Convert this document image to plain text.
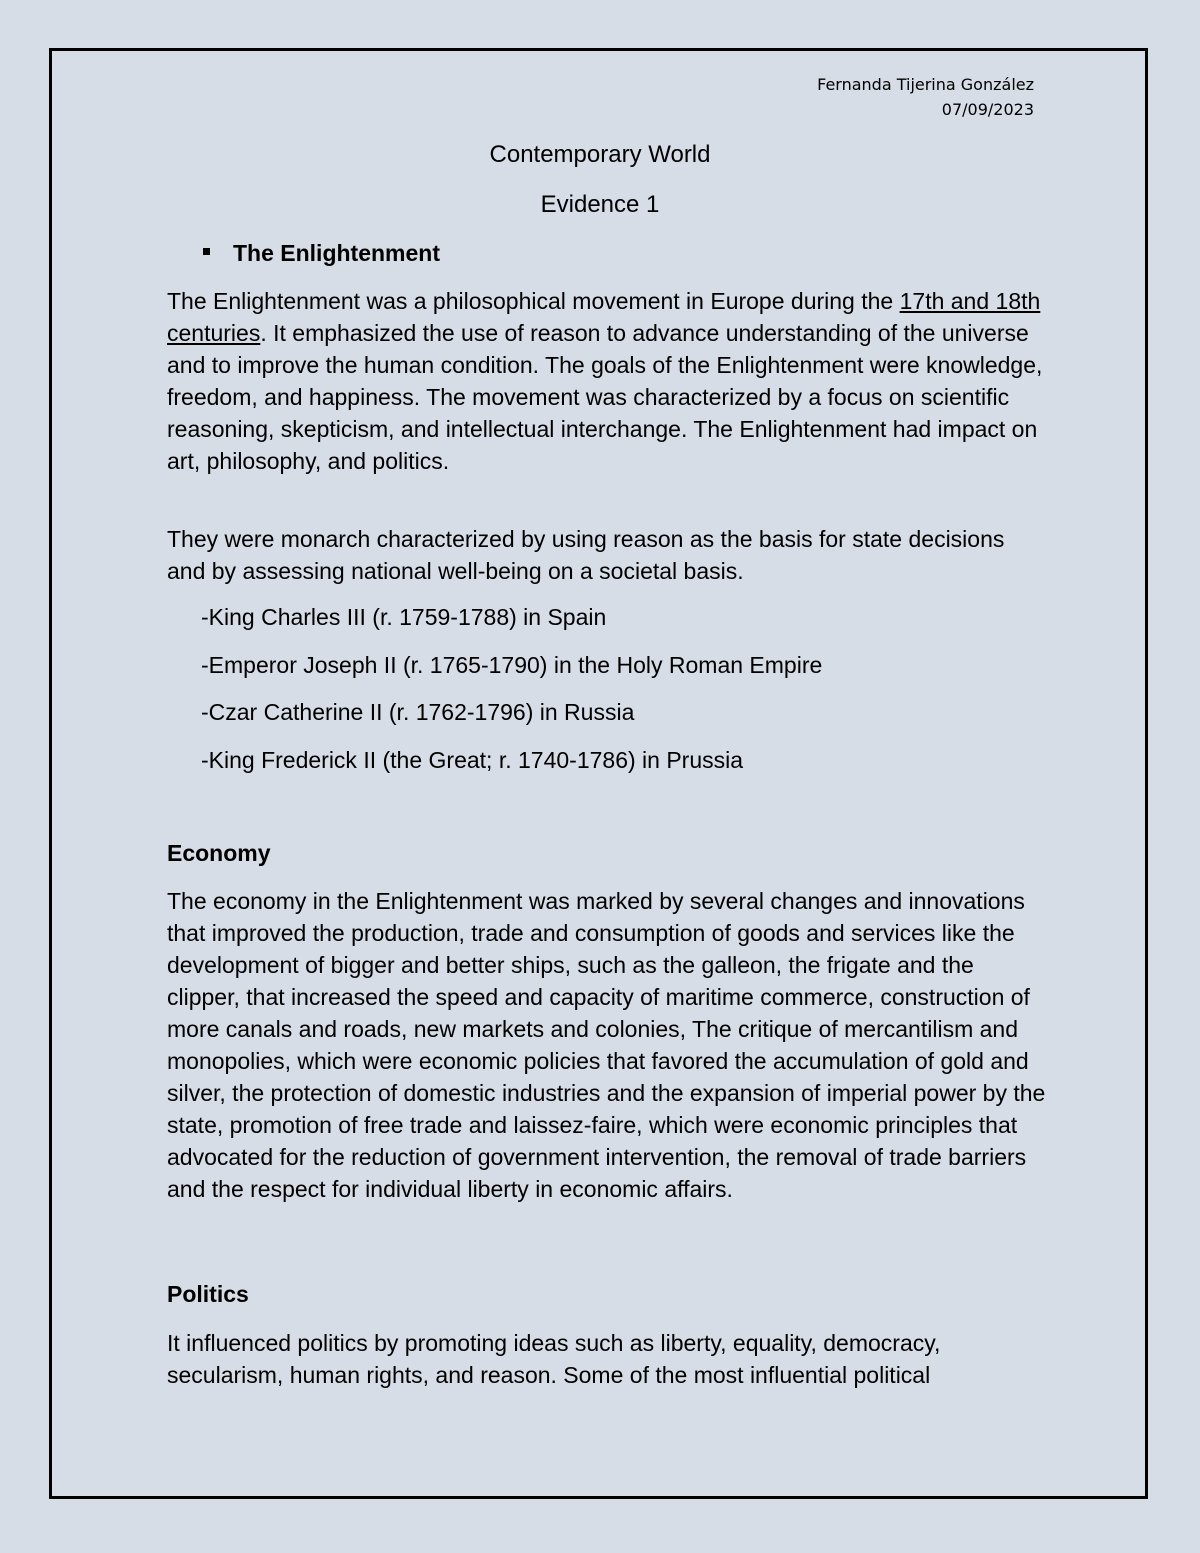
Fernanda Tijerina González
07/09/2023
Contemporary World
Evidence 1
The Enlightenment

The Enlightenment was a philosophical movement in Europe during the 17th and 18th centuries. It emphasized the use of reason to advance understanding of the universe and to improve the human condition. The goals of the Enlightenment were knowledge, freedom, and happiness. The movement was characterized by a focus on scientific reasoning, skepticism, and intellectual interchange. The Enlightenment had impact on art, philosophy, and politics.

They were monarch characterized by using reason as the basis for state decisions and by assessing national well-being on a societal basis.

-King Charles III (r. 1759-1788) in Spain
-Emperor Joseph II (r. 1765-1790) in the Holy Roman Empire
-Czar Catherine II (r. 1762-1796) in Russia
-King Frederick II (the Great; r. 1740-1786) in Prussia
Economy

The economy in the Enlightenment was marked by several changes and innovations that improved the production, trade and consumption of goods and services like the development of bigger and better ships, such as the galleon, the frigate and the clipper, that increased the speed and capacity of maritime commerce, construction of more canals and roads, new markets and colonies, The critique of mercantilism and monopolies, which were economic policies that favored the accumulation of gold and silver, the protection of domestic industries and the expansion of imperial power by the state, promotion of free trade and laissez-faire, which were economic principles that advocated for the reduction of government intervention, the removal of trade barriers and the respect for individual liberty in economic affairs.

Politics

It influenced politics by promoting ideas such as liberty, equality, democracy, secularism, human rights, and reason. Some of the most influential political
